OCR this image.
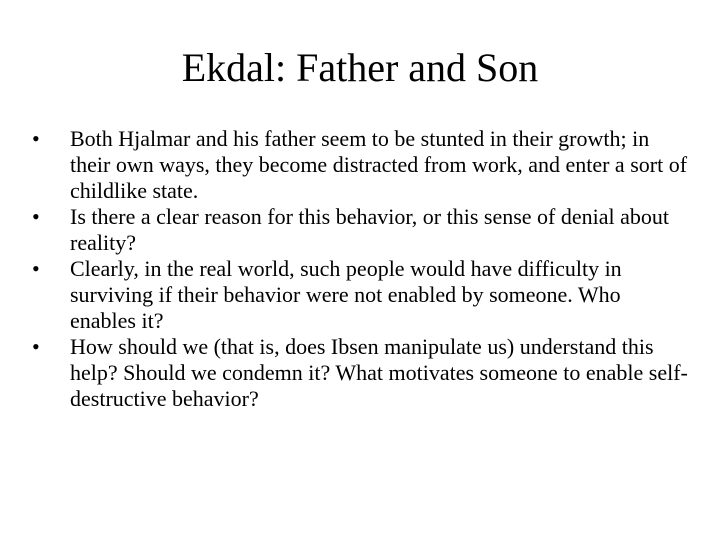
Ekdal: Father and Son
•	Both Hjalmar and his father seem to be stunted in their growth; in their own ways, they become distracted from work, and enter a sort of childlike state.
•	Is there a clear reason for this behavior, or this sense of denial about reality?
•	Clearly, in the real world, such people would have difficulty in surviving if their behavior were not enabled by someone. Who enables it?
•	How should we (that is, does Ibsen manipulate us) understand this help? Should we condemn it? What motivates someone to enable self-destructive behavior?
